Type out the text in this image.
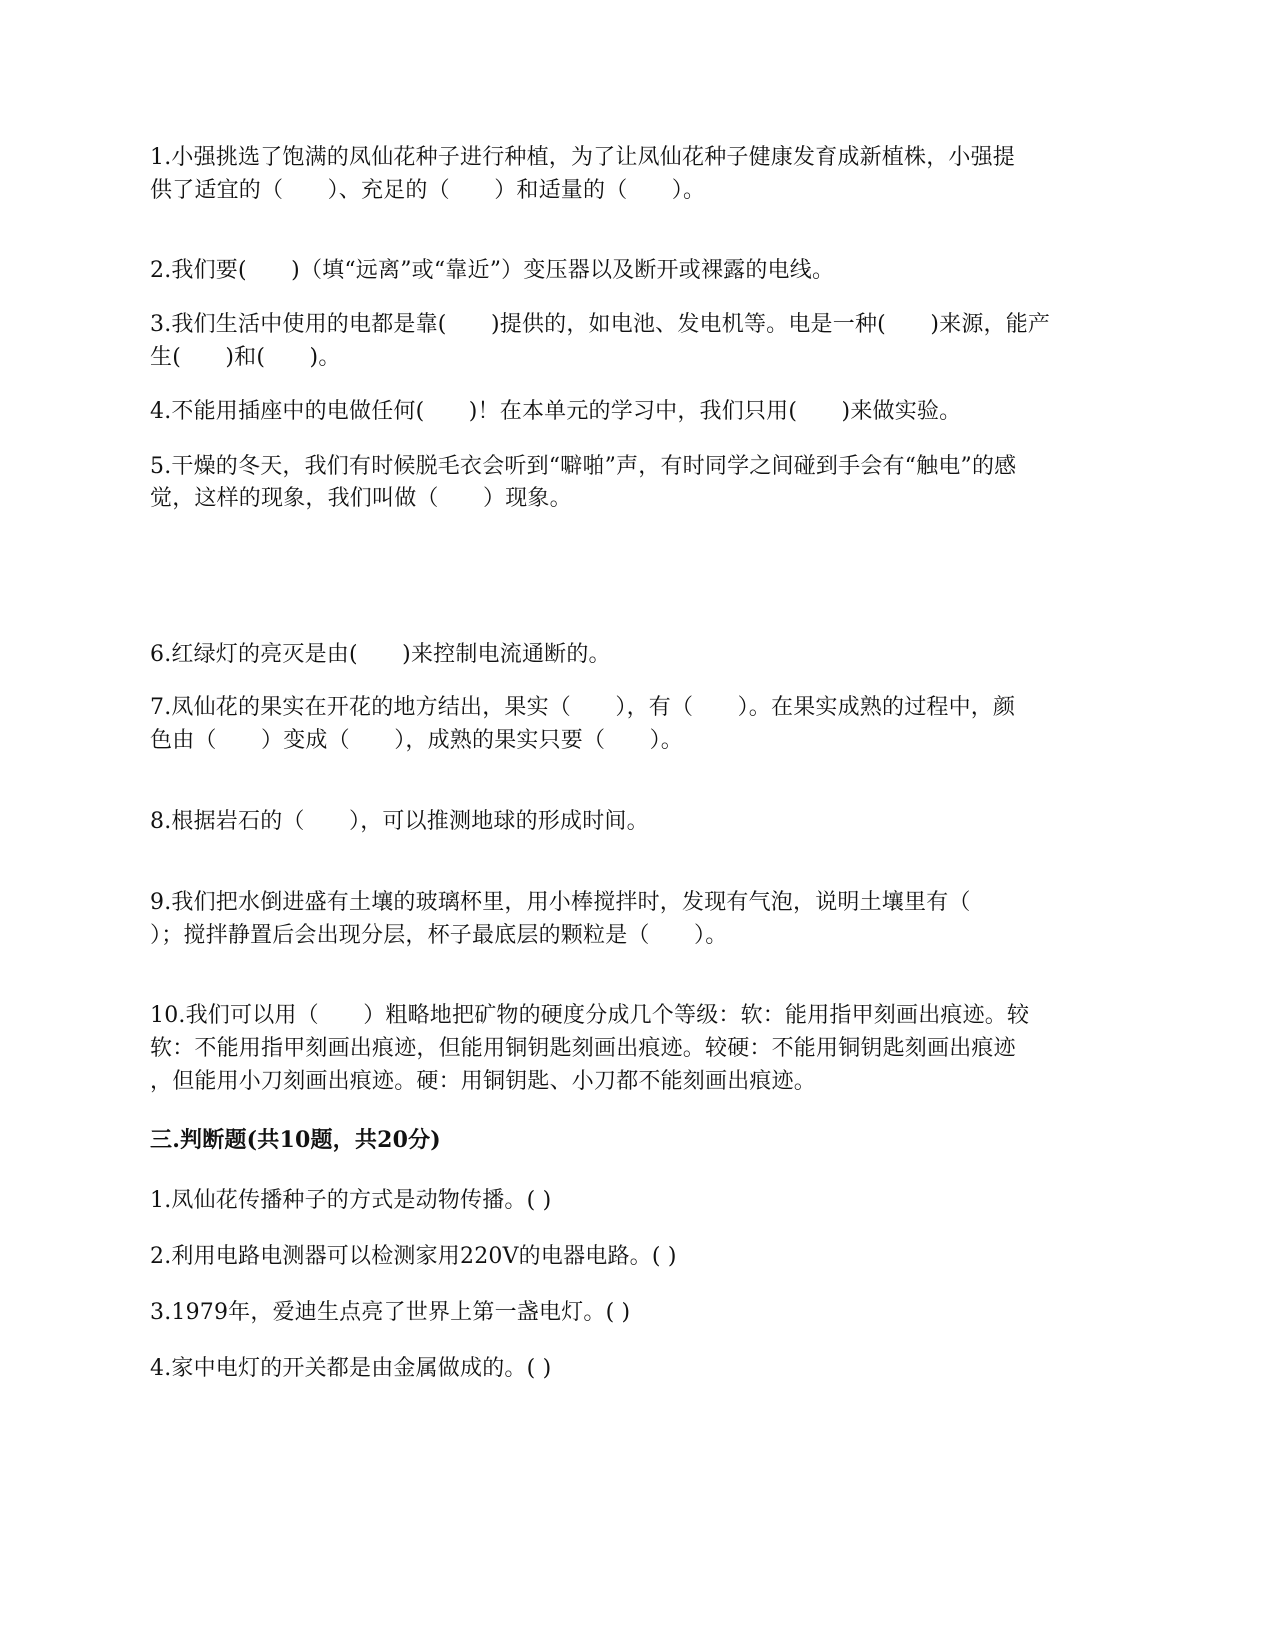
1.小强挑选了饱满的凤仙花种子进行种植，为了让凤仙花种子健康发育成新植株，小强提
供了适宜的（　　）、充足的（　　）和适量的（　　）。
2.我们要(　　)（填“远离”或“靠近”）变压器以及断开或裸露的电线。
3.我们生活中使用的电都是靠(　　)提供的，如电池、发电机等。电是一种(　　)来源，能产
生(　　)和(　　)。
4.不能用插座中的电做任何(　　)！在本单元的学习中，我们只用(　　)来做实验。
5.干燥的冬天，我们有时候脱毛衣会听到“噼啪”声，有时同学之间碰到手会有“触电”的感
觉，这样的现象，我们叫做（　　）现象。
6.红绿灯的亮灭是由(　　)来控制电流通断的。
7.凤仙花的果实在开花的地方结出，果实（　　），有（　　）。在果实成熟的过程中，颜
色由（　　）变成（　　），成熟的果实只要（　　）。
8.根据岩石的（　　），可以推测地球的形成时间。
9.我们把水倒进盛有土壤的玻璃杯里，用小棒搅拌时，发现有气泡，说明土壤里有（
）；搅拌静置后会出现分层，杯子最底层的颗粒是（　　）。
10.我们可以用（　　）粗略地把矿物的硬度分成几个等级：软：能用指甲刻画出痕迹。较
软：不能用指甲刻画出痕迹，但能用铜钥匙刻画出痕迹。较硬：不能用铜钥匙刻画出痕迹
，但能用小刀刻画出痕迹。硬：用铜钥匙、小刀都不能刻画出痕迹。
三.判断题(共10题，共20分)
1.凤仙花传播种子的方式是动物传播。( )
2.利用电路电测器可以检测家用220V的电器电路。( )
3.1979年，爱迪生点亮了世界上第一盏电灯。( )
4.家中电灯的开关都是由金属做成的。( )
